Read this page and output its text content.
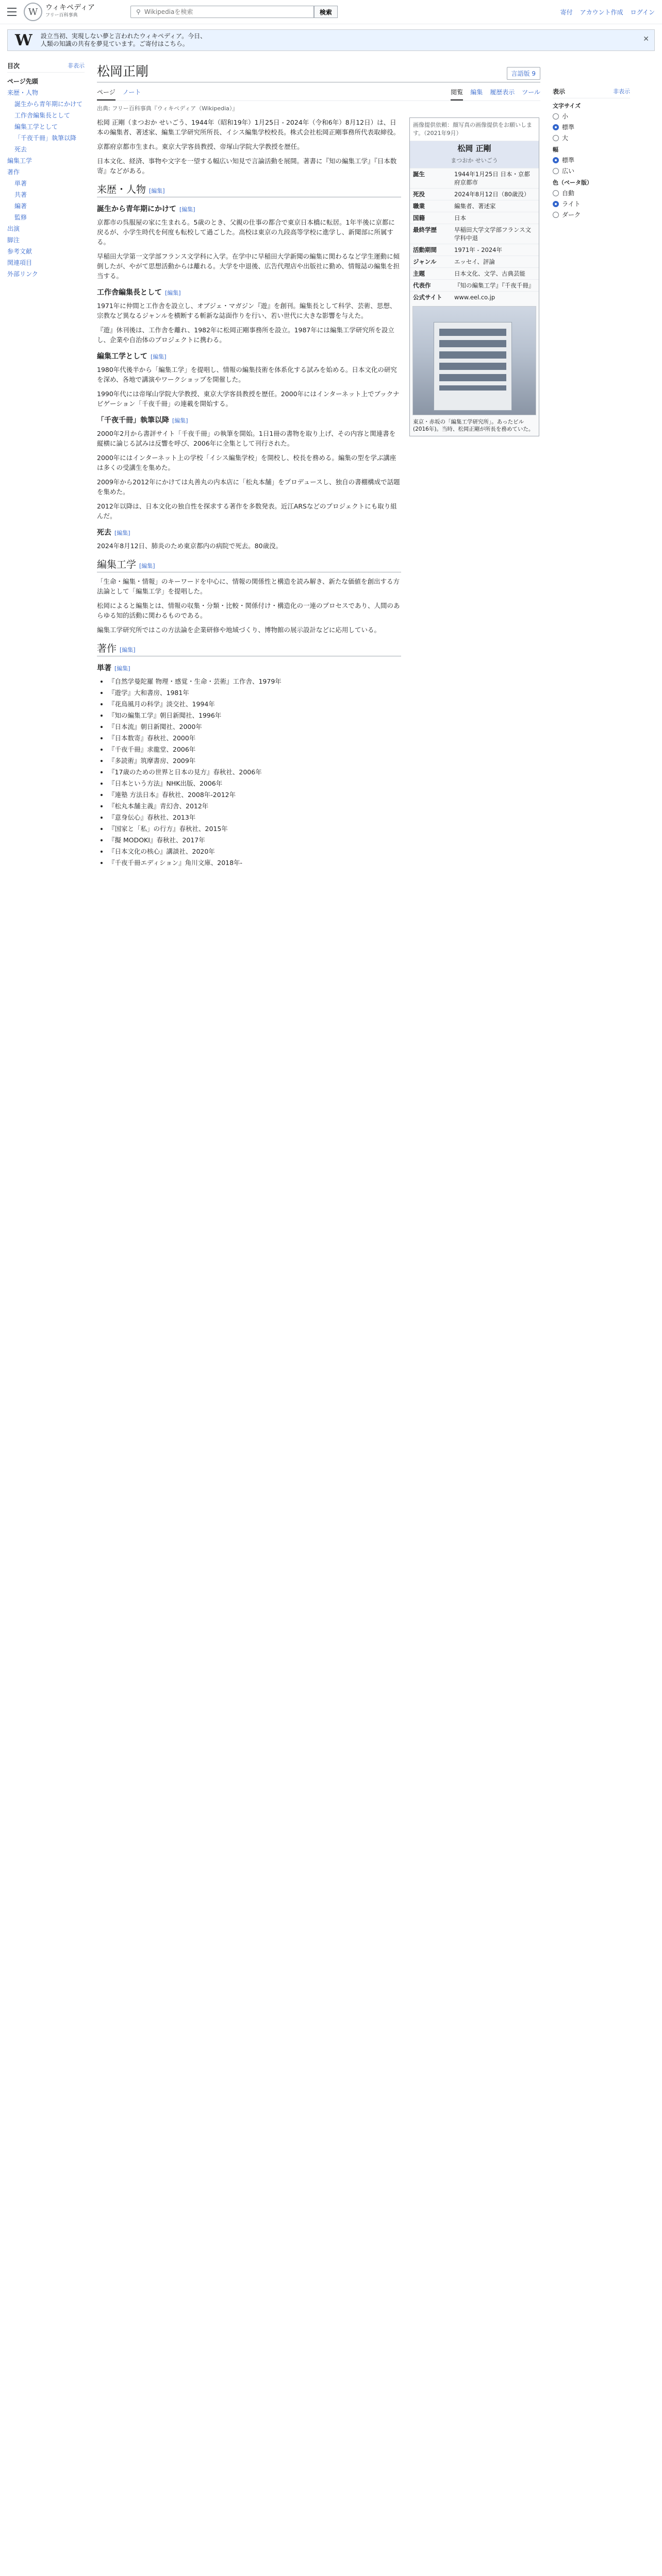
W	ウィキペディア
フリー百科事典	⚲
Wikipediaを検索	検索	寄付 アカウント作成 ログイン
W 設立当初、実現しない夢と言われたウィキペディア。今日、
人類の知識の共有を夢見ています。ご寄付はこちら。
✕
目次	非表示
ページ先頭
来歴・人物
誕生から青年期にかけて
工作舎編集長として
編集工学として
「千夜千冊」執筆以降
死去
編集工学
著作
単著
共著
編著
監修
出演
脚注
参考文献
関連項目
外部リンク
松岡正剛	言語版 9
ページ ノート	閲覧 編集 履歴表示 ツール
出典: フリー百科事典『ウィキペディア（Wikipedia）』

松岡 正剛（まつおか せいごう、1944年（昭和19年）1月25日 - 2024年（令和6年）8月12日）は、日本の編集者、著述家、編集工学研究所所長、イシス編集学校校長。株式会社松岡正剛事務所代表取締役。

京都府京都市生まれ。東京大学客員教授、帝塚山学院大学教授を歴任。

日本文化、経済、事物や文字を一望する幅広い知見で言論活動を展開。著書に『知の編集工学』『日本数寄』などがある。

来歴・人物 [編集]
誕生から青年期にかけて [編集]

京都市の呉服屋の家に生まれる。5歳のとき、父親の仕事の都合で東京日本橋に転居。1年半後に京都に戻るが、小学生時代を何度も転校して過ごした。高校は東京の九段高等学校に進学し、新聞部に所属する。

早稲田大学第一文学部フランス文学科に入学。在学中に早稲田大学新聞の編集に関わるなど学生運動に傾倒したが、やがて思想活動からは離れる。大学を中退後、広告代理店や出版社に勤め、情報誌の編集を担当する。

工作舎編集長として [編集]

1971年に仲間と工作舎を設立し、オブジェ・マガジン『遊』を創刊。編集長として科学、芸術、思想、宗教など異なるジャンルを横断する斬新な誌面作りを行い、若い世代に大きな影響を与えた。

『遊』休刊後は、工作舎を離れ、1982年に松岡正剛事務所を設立。1987年には編集工学研究所を設立し、企業や自治体のプロジェクトに携わる。

編集工学として [編集]

1980年代後半から「編集工学」を提唱し、情報の編集技術を体系化する試みを始める。日本文化の研究を深め、各地で講演やワークショップを開催した。

1990年代には帝塚山学院大学教授、東京大学客員教授を歴任。2000年にはインターネット上でブックナビゲーション「千夜千冊」の連載を開始する。

「千夜千冊」執筆以降 [編集]

2000年2月から書評サイト「千夜千冊」の執筆を開始。1日1冊の書物を取り上げ、その内容と関連書を縦横に論じる試みは反響を呼び、2006年に全集として刊行された。

2000年にはインターネット上の学校「イシス編集学校」を開校し、校長を務める。編集の型を学ぶ講座は多くの受講生を集めた。

2009年から2012年にかけては丸善丸の内本店に「松丸本舗」をプロデュースし、独自の書棚構成で話題を集めた。

2012年以降は、日本文化の独自性を探求する著作を多数発表。近江ARSなどのプロジェクトにも取り組んだ。

死去 [編集]

2024年8月12日、肺炎のため東京都内の病院で死去。80歳没。

編集工学 [編集]

「生命・編集・情報」のキーワードを中心に、情報の関係性と構造を読み解き、新たな価値を創出する方法論として「編集工学」を提唱した。

松岡によると編集とは、情報の収集・分類・比較・関係付け・構造化の一連のプロセスであり、人間のあらゆる知的活動に関わるものである。

編集工学研究所ではこの方法論を企業研修や地域づくり、博物館の展示設計などに応用している。

著作 [編集]
単著 [編集]
• 『自然学曼陀羅 物理・感覚・生命・芸術』工作舎、1979年
• 『遊学』大和書房、1981年
• 『花鳥風月の科学』淡交社、1994年
• 『知の編集工学』朝日新聞社、1996年
• 『日本流』朝日新聞社、2000年
• 『日本数寄』春秋社、2000年
• 『千夜千冊』求龍堂、2006年
• 『多読術』筑摩書房、2009年
• 『17歳のための世界と日本の見方』春秋社、2006年
• 『日本という方法』NHK出版、2006年
• 『連塾 方法日本』春秋社、2008年-2012年
• 『松丸本舗主義』青幻舎、2012年
• 『意身伝心』春秋社、2013年
• 『国家と「私」の行方』春秋社、2015年
• 『擬 MODOKI』春秋社、2017年
• 『日本文化の核心』講談社、2020年
• 『千夜千冊エディション』角川文庫、2018年-
画像提供依頼：顔写真の画像提供をお願いします。（2021年9月）
松岡 正剛
まつおか せいごう
誕生	1944年1月25日 日本・京都府京都市
死没	2024年8月12日（80歳没）
職業	編集者、著述家
国籍	日本
最終学歴	早稲田大学文学部フランス文学科中退
活動期間	1971年 - 2024年
ジャンル	エッセイ、評論
主題	日本文化、文学、古典芸能
代表作	『知の編集工学』『千夜千冊』
公式サイト	www.eel.co.jp
東京・赤坂の「編集工学研究所」。あったビル(2016年)。当時、松岡正剛が所長を務めていた。
表示	非表示
文字サイズ
小
標準
大
幅
標準
広い
色（ベータ版）
自動
ライト
ダーク
